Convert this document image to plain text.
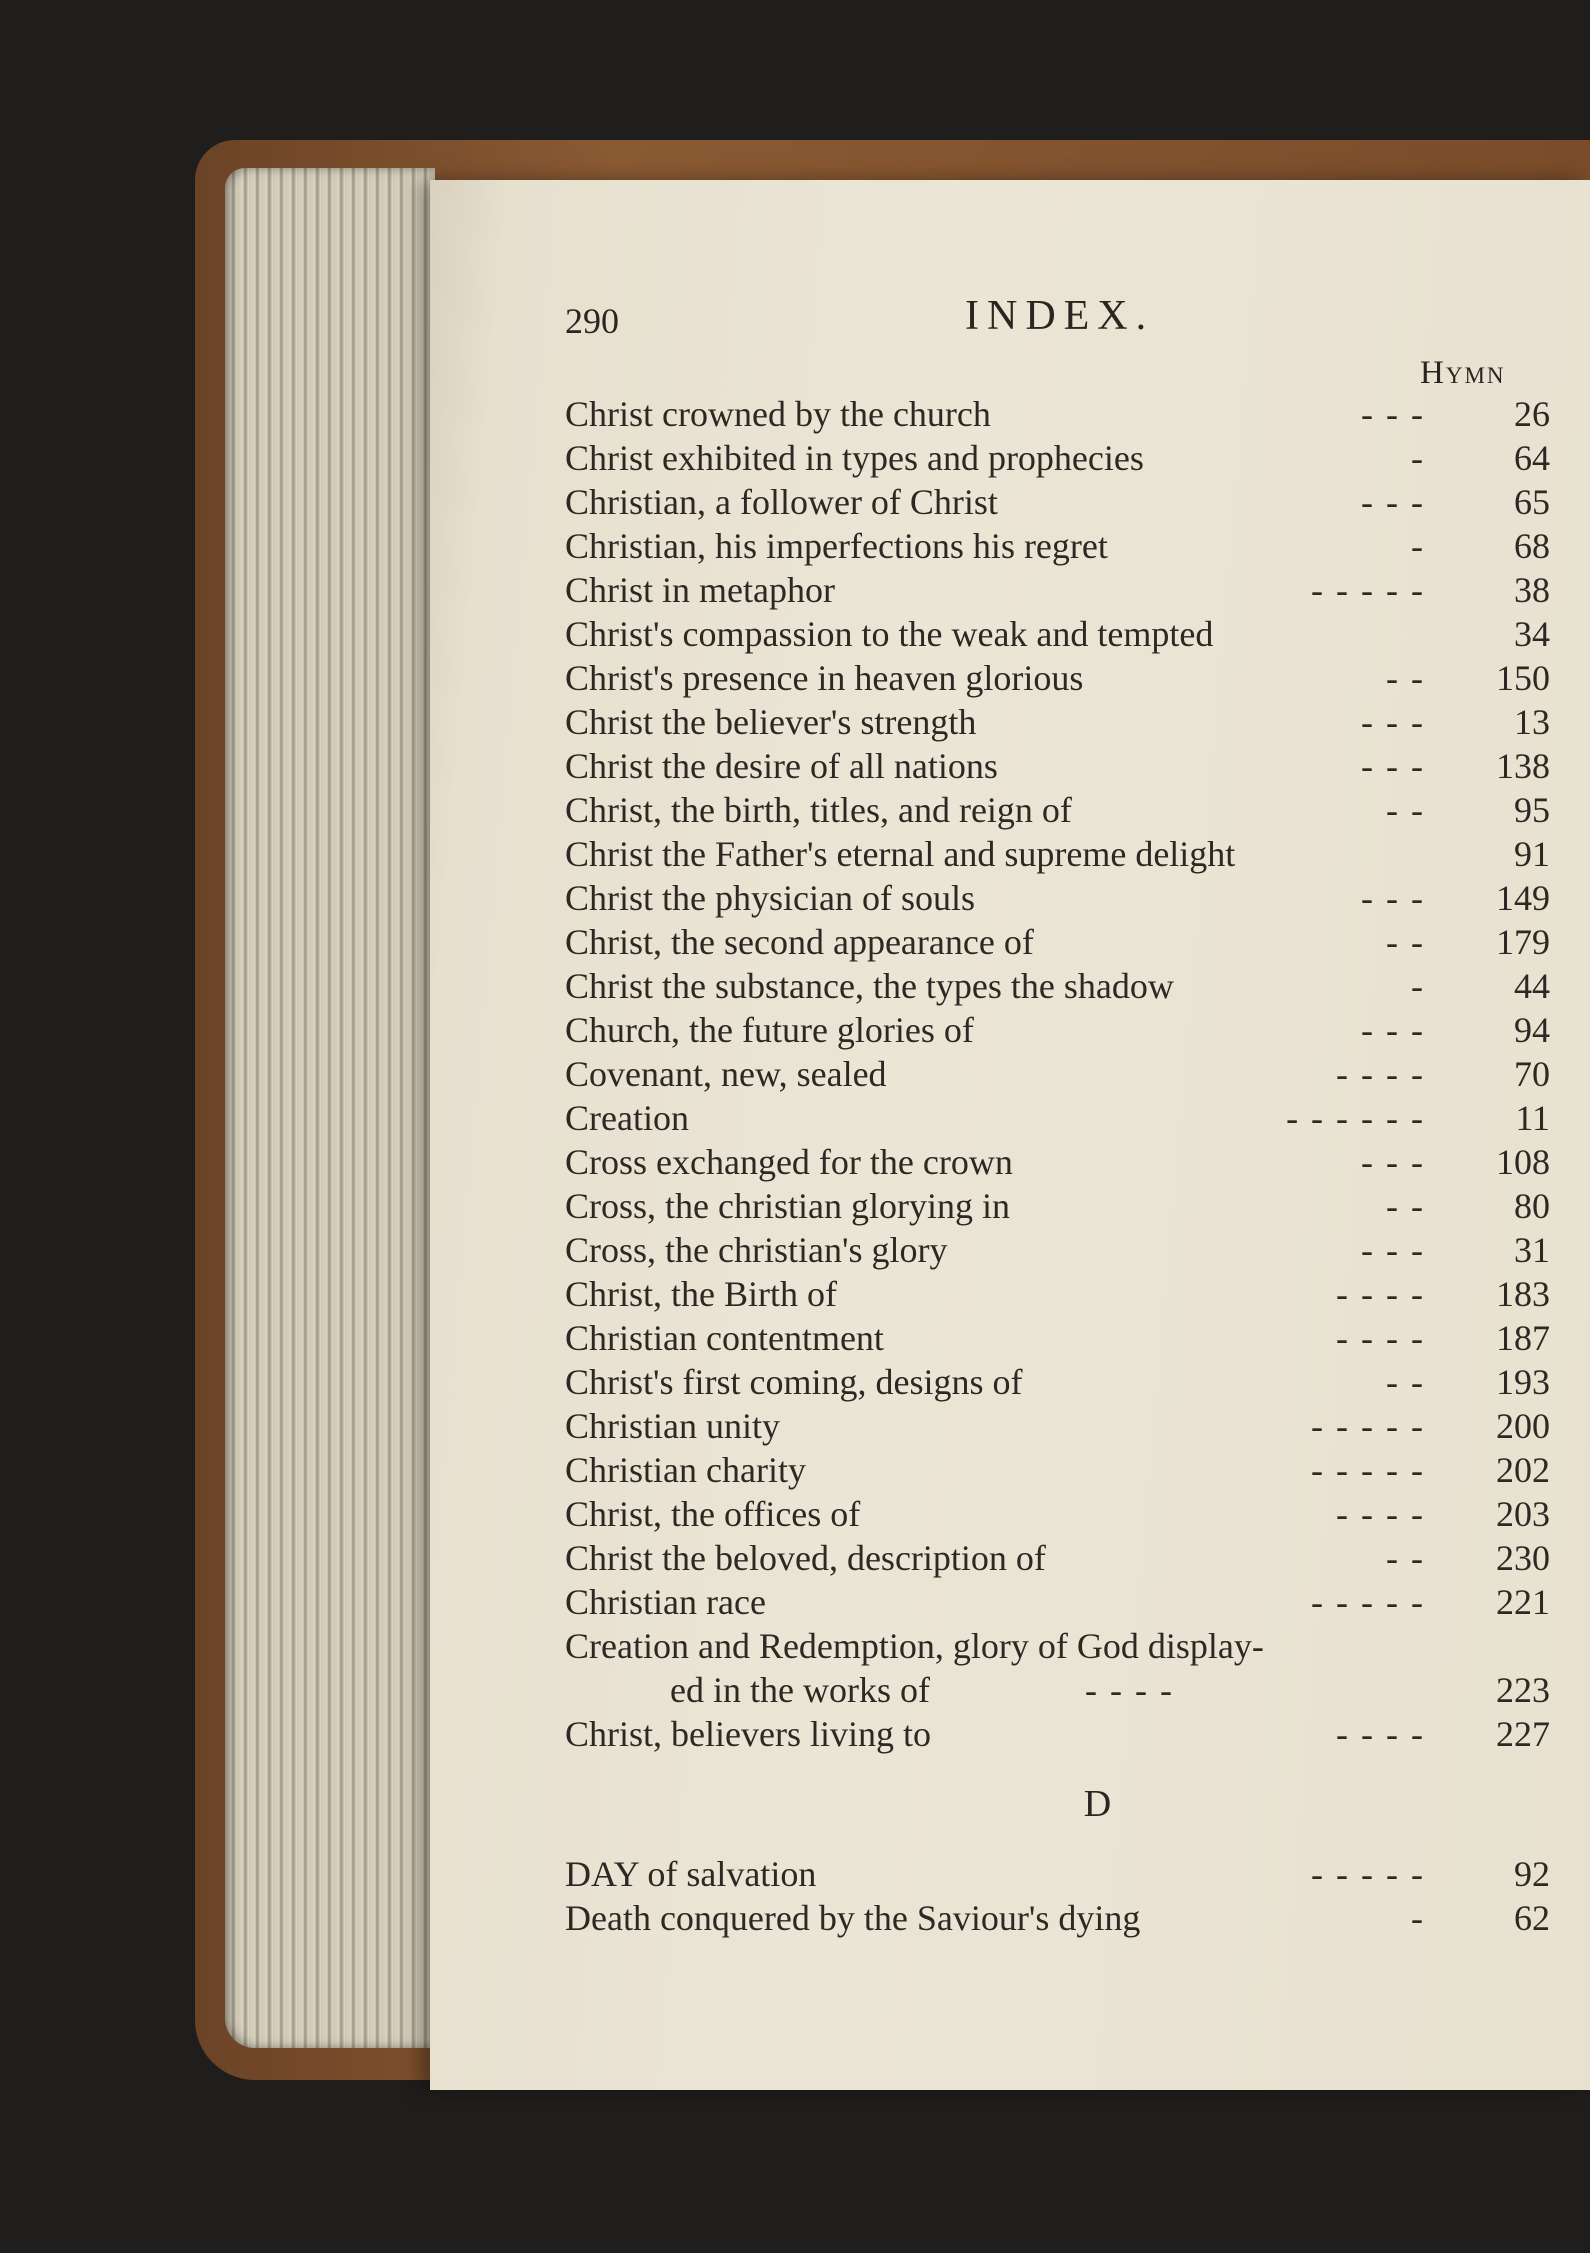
290	INDEX.
Hymn
Christ crowned by the church	- - - 26
Christ exhibited in types and prophecies	- 64
Christian, a follower of Christ	- - - 65
Christian, his imperfections his regret	- 68
Christ in metaphor	- - - - - 38
Christ's compassion to the weak and tempted	34
Christ's presence in heaven glorious	- - 150
Christ the believer's strength	- - - 13
Christ the desire of all nations	- - - 138
Christ, the birth, titles, and reign of	- - 95
Christ the Father's eternal and supreme delight	91
Christ the physician of souls	- - - 149
Christ, the second appearance of	- - 179
Christ the substance, the types the shadow	- 44
Church, the future glories of	- - - 94
Covenant, new, sealed	- - - - 70
Creation	- - - - - -	11
Cross exchanged for the crown	- - - 108
Cross, the christian glorying in	- - 80
Cross, the christian's glory	- - - 31
Christ, the Birth of	- - - - 183
Christian contentment	- - - - 187
Christ's first coming, designs of	- - 193
Christian unity	- - - - - 200
Christian charity	- - - - - 202
Christ, the offices of	- - - - 203
Christ the beloved, description of	- - 230
Christian race	- - - - - 221
Creation and Redemption, glory of God display-
ed in the works of	- - - -	223
Christ, believers living to	- - - - 227
D
DAY of salvation	- - - - - 92
Death conquered by the Saviour's dying	- 62
